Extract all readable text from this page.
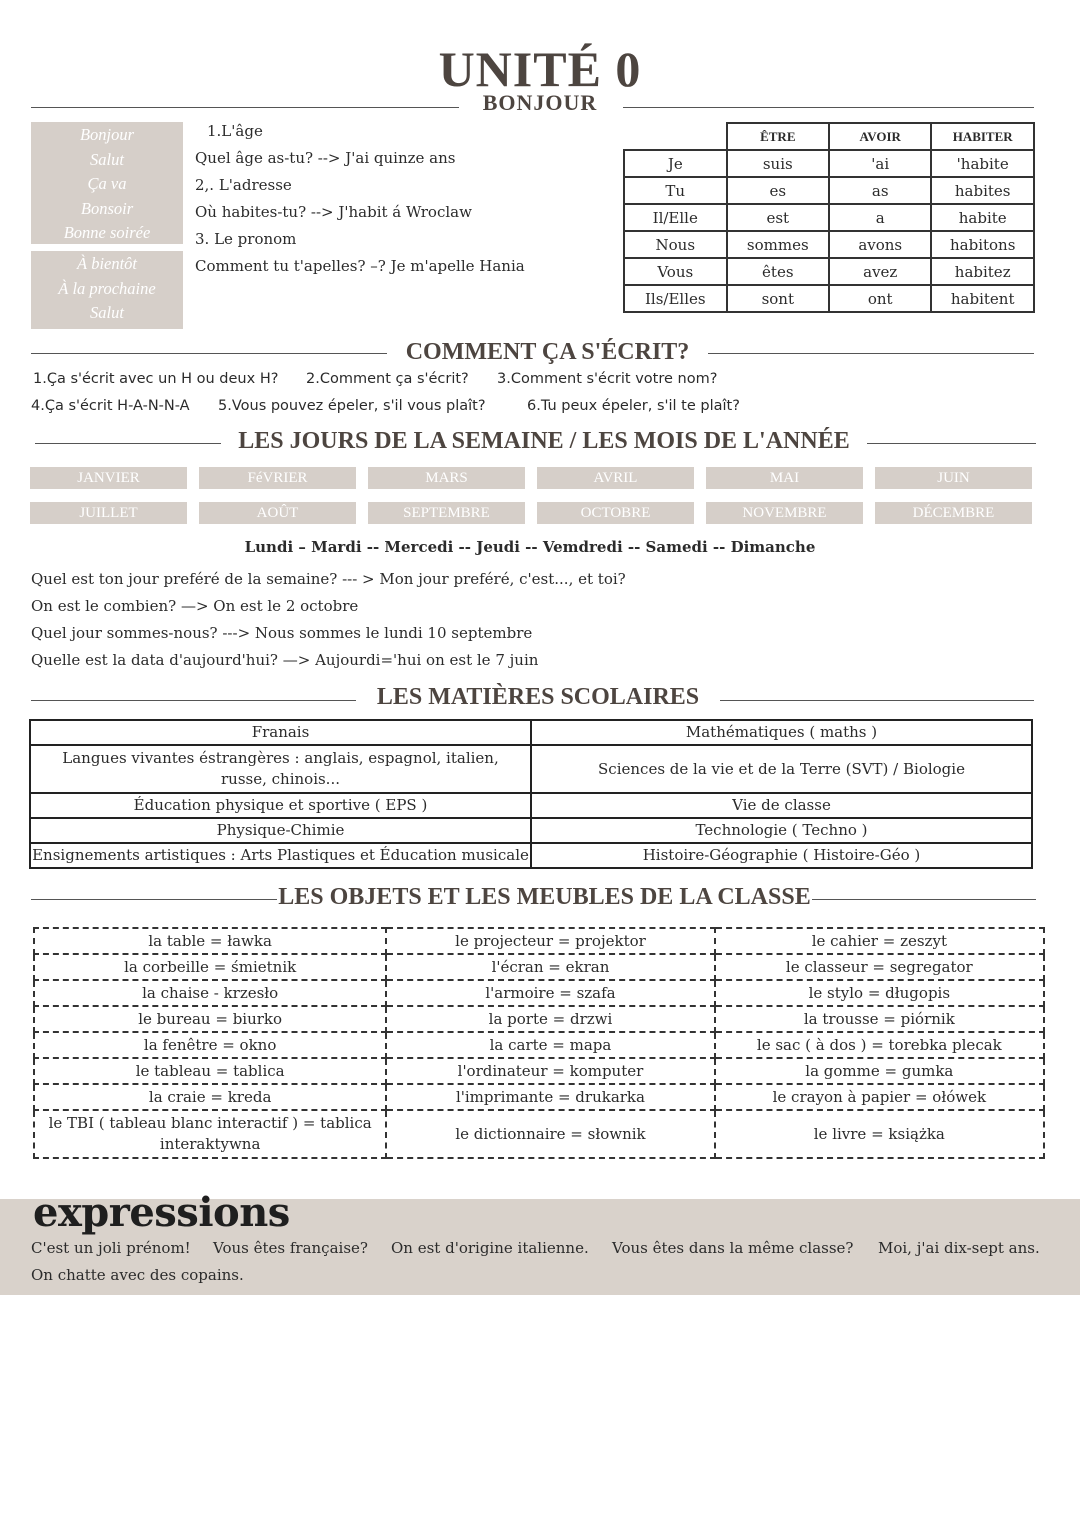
UNITÉ 0
BONJOUR
Bonjour
Salut
Ça va
Bonsoir
Bonne soirée
À bientôt
À la prochaine
Salut

1.L'âge

Quel âge as-tu? --> J'ai quinze ans

2,. L'adresse

Où habites-tu? --> J'habit á Wroclaw

3. Le pronom

Comment tu t'apelles? –? Je m'apelle Hania

	ÊTRE	AVOIR	HABITER
Je	suis	'ai	'habite
Tu	es	as	habites
Il/Elle	est	a	habite
Nous	sommes	avons	habitons
Vous	êtes	avez	habitez
Ils/Elles	sont	ont	habitent
COMMENT ÇA S'ÉCRIT?
1.Ça s'écrit avec un H ou deux H? 2.Comment ça s'écrit? 3.Comment s'écrit votre nom?
4.Ça s'écrit H-A-N-N-A 5.Vous pouvez épeler, s'il vous plaît?	6.Tu peux épeler, s'il te plaît?
LES JOURS DE LA SEMAINE / LES MOIS DE L'ANNÉE
JANVIER	FéVRIER	MARS	AVRIL	MAI	JUIN
JUILLET	AOÛT	SEPTEMBRE	OCTOBRE	NOVEMBRE	DÉCEMBRE
Lundi – Mardi -- Mercedi -- Jeudi -- Vemdredi -- Samedi -- Dimanche
Quel est ton jour preféré de la semaine? --- > Mon jour preféré, c'est..., et toi?
On est le combien? —> On est le 2 octobre
Quel jour sommes-nous? ---> Nous sommes le lundi 10 septembre
Quelle est la data d'aujourd'hui? —> Aujourdi='hui on est le 7 juin
LES MATIÈRES SCOLAIRES
Franais	Mathématiques ( maths )
Langues vivantes éstrangères : anglais, espagnol, italien, russe, chinois...	Sciences de la vie et de la Terre (SVT) / Biologie
Éducation physique et sportive ( EPS )	Vie de classe
Physique-Chimie	Technologie ( Techno )
Ensignements artistiques : Arts Plastiques et Éducation musicale	Histoire-Géographie ( Histoire-Géo )
LES OBJETS ET LES MEUBLES DE LA CLASSE
la table = ławka	le projecteur = projektor	le cahier = zeszyt
la corbeille = śmietnik	l'écran = ekran	le classeur = segregator
la chaise - krzesło	l'armoire = szafa	le stylo = długopis
le bureau = biurko	la porte = drzwi	la trousse = piórnik
la fenêtre = okno	la carte = mapa	le sac ( à dos ) = torebka plecak
le tableau = tablica	l'ordinateur = komputer	la gomme = gumka
la craie = kreda	l'imprimante = drukarka	le crayon à papier = ołówek
le TBI ( tableau blanc interactif ) = tablica interaktywna	le dictionnaire = słownik	le livre = książka
expressions
C'est un joli prénom! Vous êtes française? On est d'origine italienne. Vous êtes dans la même classe? Moi, j'ai dix-sept ans.
On chatte avec des copains.
